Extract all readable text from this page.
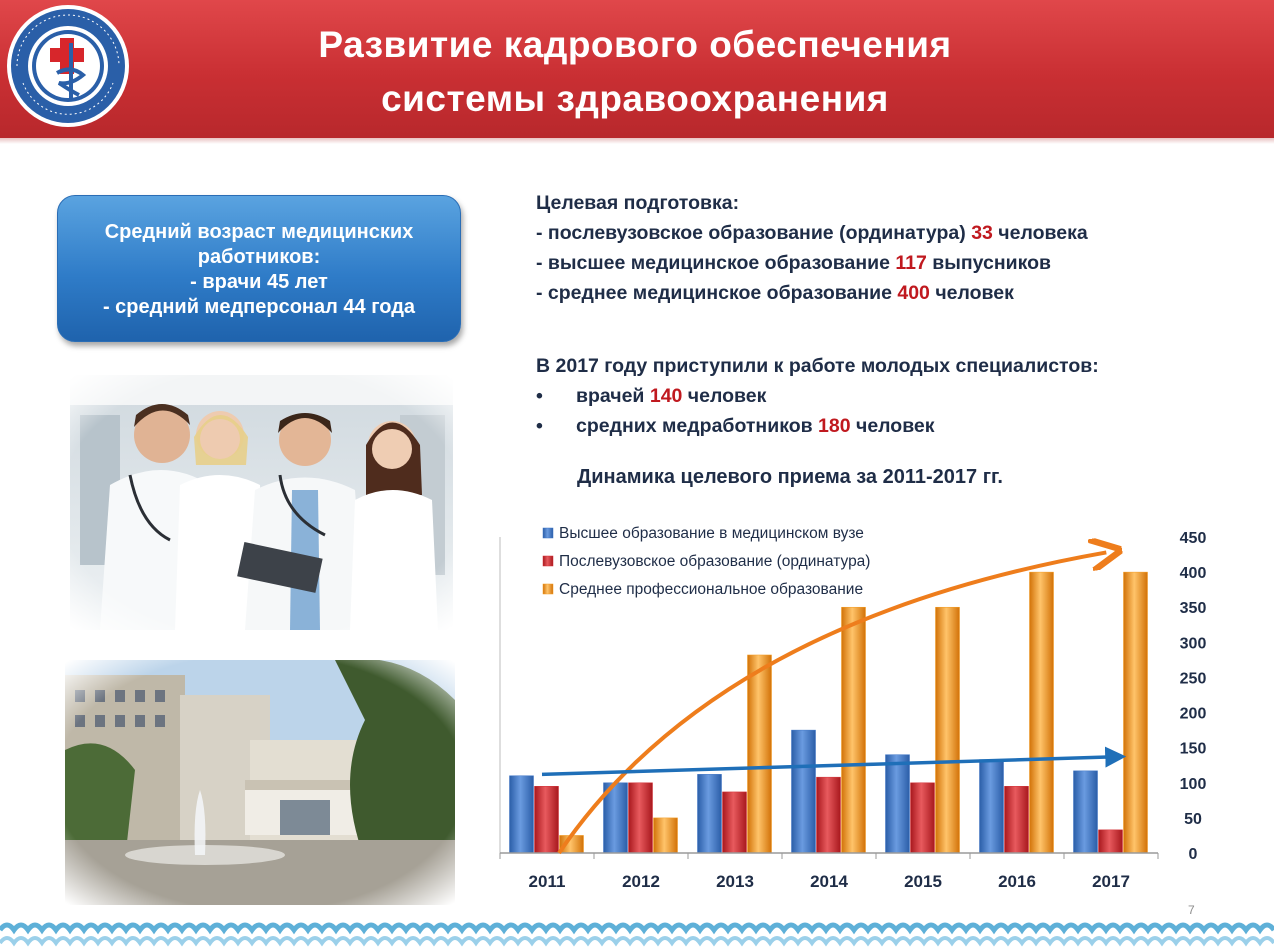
Развитие кадрового обеспечения
системы здравоохранения
Средний возраст медицинских
работников:
- врачи 45 лет
- средний медперсонал 44 года
Целевая подготовка:
- послевузовское образование (ординатура) 33 человека
- высшее медицинское образование 117 выпусников
- среднее медицинское образование 400 человек
В 2017 году приступили к работе молодых специалистов:
• врачей 140 человек
• средних медработников 180 человек
Динамика целевого приема за 2011-2017 гг.
2011	2012	2013	2014	2015	2016	2017
0
50
100
150
200
250
300
350
400
450
Высшее образование в медицинском вузе
Послевузовское образование (ординатура)
Среднее профессиональное образование
7
